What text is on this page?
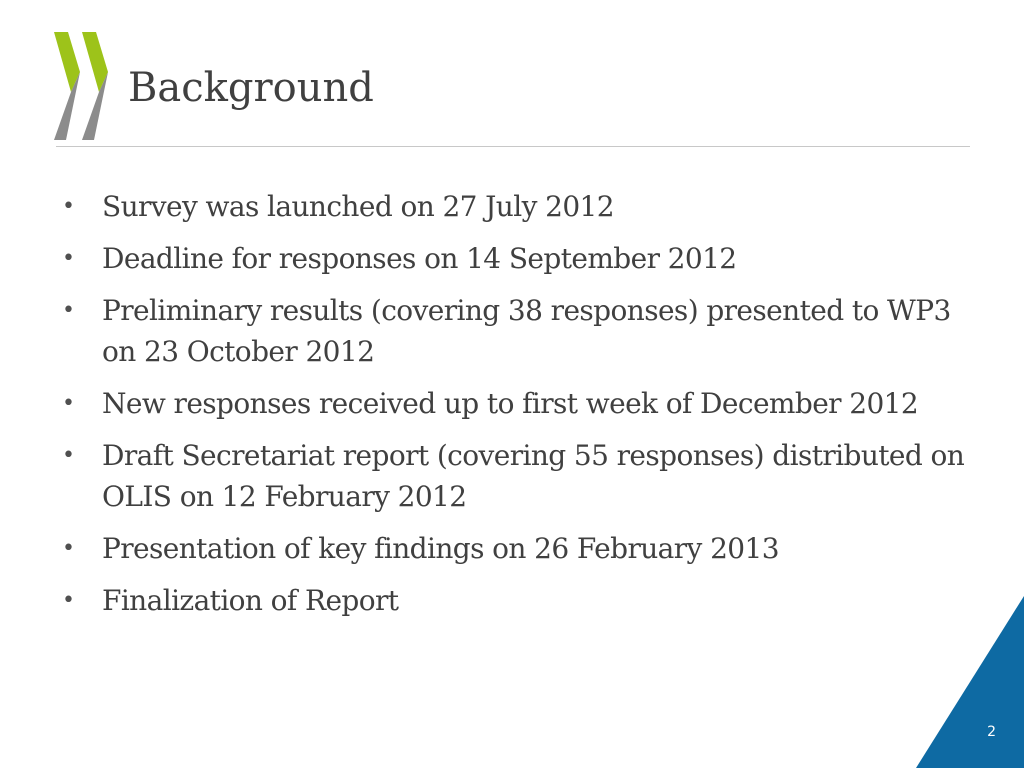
Background
• Survey was launched on 27 July 2012
• Deadline for responses on 14 September 2012
• Preliminary results (covering 38 responses) presented to WP3 on 23 October 2012
• New responses received up to first week of December 2012
• Draft Secretariat report (covering 55 responses) distributed on OLIS on 12 February 2012
• Presentation of key findings on 26 February 2013
• Finalization of Report
2
